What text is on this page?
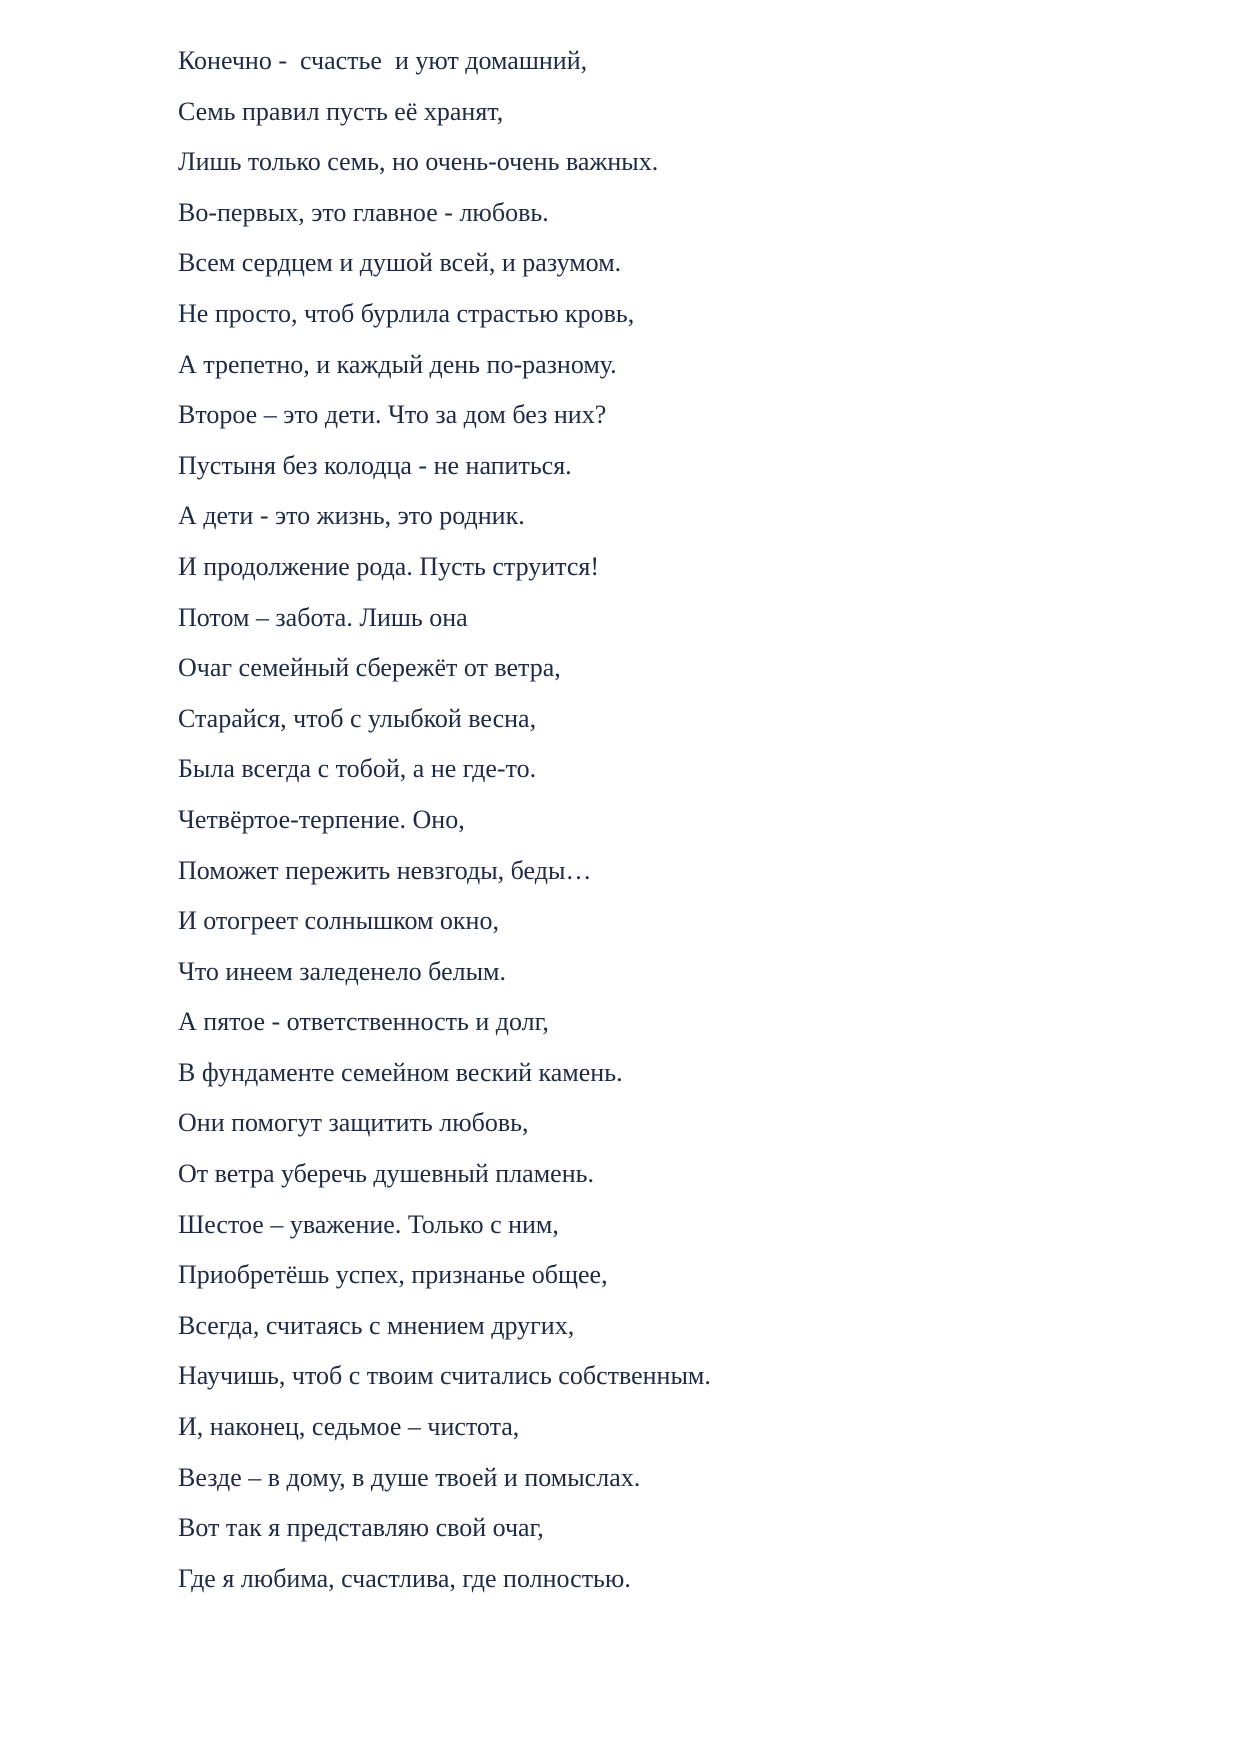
Конечно -  счастье  и уют домашний,
Семь правил пусть её хранят,
Лишь только семь, но очень-очень важных.
Во-первых, это главное - любовь.
Всем сердцем и душой всей, и разумом.
Не просто, чтоб бурлила страстью кровь,
А трепетно, и каждый день по-разному.
Второе – это дети. Что за дом без них?
Пустыня без колодца - не напиться.
А дети - это жизнь, это родник.
И продолжение рода. Пусть струится!
Потом – забота. Лишь она
Очаг семейный сбережёт от ветра,
Старайся, чтоб с улыбкой весна,
Была всегда с тобой, а не где-то.
Четвёртое-терпение. Оно,
Поможет пережить невзгоды, беды…
И отогреет солнышком окно,
Что инеем заледенело белым.
А пятое - ответственность и долг,
В фундаменте семейном веский камень.
Они помогут защитить любовь,
От ветра уберечь душевный пламень.
Шестое – уважение. Только с ним,
Приобретёшь успех, признанье общее,
Всегда, считаясь с мнением других,
Научишь, чтоб с твоим считались собственным.
И, наконец, седьмое – чистота,
Везде – в дому, в душе твоей и помыслах.
Вот так я представляю свой очаг,
Где я любима, счастлива, где полностью.
